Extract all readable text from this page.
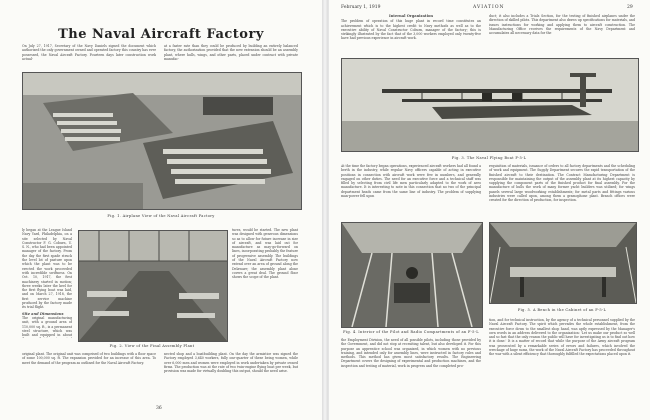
The Naval Aircraft Factory
On July 27, 1917, Secretary of the Navy Daniels signed the document which authorized the only government owned and operated factory this country has ever possessed, the Naval Aircraft Factory. Fourteen days later construction work actual-
at a faster rate than they could be produced by building an entirely balanced factory, the authorization provided that the new extension should be an assembly plant, where hulls, wings, and other parts, placed under contract with private manufac-
Fig. 1. Airplane View of the Naval Aircraft Factory
ly began at the League Island Navy Yard, Philadelphia, on a site selected by Naval Constructor F. G. Coburn, U. S. N., who had been appointed manager of the factory. From the day the first spade struck the level lot of pasture upon which the plant was to be erected the work proceeded with incredible swiftness. On Oct. 10, 1917, the first machinery started in motion; three weeks later the keel for the first flying boat was laid, and on March 27, 1918, the first service machine produced by the factory made its trial flight.
Site and Dimensions
The original manufacturing unit, with a ground area of 110,000 sq. ft., is a permanent steel structure, which was built and equipped in about
Fig. 2. View of the Final Assembly Plant
tures, would be started. The new plant was designed with generous dimensions so as to allow for future increase in size of aircraft, and was laid out for manufacture as may-go-forward on lines, incorporating probably the feature of progressive assembly. The buildings of the Naval Aircraft Factory now extend over an area of ground along the Delaware; the assembly plant alone covers a great deal. The ground floor shows the scope of the plant.
original plant. The original unit was comprised of two buildings with a floor space of some 100,000 sq. ft. The expansion provided for an increase of this area. To meet the demand of the program as outlined for the Naval Aircraft Factory.
nected shop and a boatbuilding plant. On the day the armistice was signed the Factory employed 3,640 workers, fully one-quarter of these being women, while over 6,000 men and women were employed in work undertaken by private owned firms. The production was at the rate of two twin-engine flying boat per week, but provision was made for virtually doubling this output, should the need arise.
36
February 1, 1919	AVIATION	29
Internal Organization
The problem of operation of this huge plant in record time constitutes an achievement which is to the highest credit to Navy methods as well as to the executive ability of Naval Constructor Coburn, manager of the factory; this is strikingly illustrated by the fact that of the 3,000 workers employed only twenty-five have had previous experience in aircraft work.
duct; it also includes a Trials Section, for the testing of finished airplanes under the direction of skilled pilots. This department also draws up specifications for materials, and issues instructions for working and applying them to aircraft construction. The Manufacturing Office receives the requirements of the Navy Department and accumulates all necessary data for the
Fig. 3. The Naval Flying Boat F-5-L
At the time the factory began operations, experienced aircraft workers had all found a berth in the industry, while regular Navy officers capable of acting in executive positions in connection with aircraft work were few in numbers, and generally engaged on other duties. The need for an executive force and a technical staff was filled by selecting from civil life men particularly adapted to the work of aero manufacture. It is interesting to note in this connection that no two of the principal department heads came from the same line of industry. The problem of supplying man-power fell upon
requisition of materials, issuance of orders to all factory departments and the scheduling of work and equipment. The Supply Department secures the rapid transportation of the finished aircraft to their destination. The Contract Manufacturing Department is responsible for maintaining the output of the assembly plant at its highest capacity by supplying the component parts of the finished product for final assembly. For the manufacture of hulls the work of many former yacht builders was utilized; for wings panels several large woodworking establishments; for metal parts and fittings various industries were called upon, among them a gramophone plant. Branch offices were created for the direction of production, for inspection.
Fig. 4. Interior of the Pilot and Radio Compartments of an F-5-L
Fig. 5. A Bench in the Cabinet of an F-5-L
the Employment Division, the need of all possible pilots, including those provided by the Government, and did not stop at recruiting talent, but also developed it. For this purpose an apprentice school was organized, in which women with no previous training, and intended only for assembly lines, were instructed in factory rules and methods. This method has given most satisfactory results. The Engineering Department covers the designing of experimental and production machines, and the inspection and testing of material, work in progress and the completed pro-
tion, and for technical instruction, by the agency of a technical personnel supplied by the Naval Aircraft Factory. The spirit which pervades the whole establishment, from the executive force down to the smallest shop hand, was aptly expressed by the Manager's own words in an address delivered to the organization: 'Let us make our product so well and so fast that the only reason the public will have for investigating us is to find out how it is done.' It is a matter of record that while the purpose of the Army aircraft program was prosecuted by a remarkable series of errors and failures, which involved the wreckage of huge sums, the work of the Naval Aircraft Factory has proceeded throughout the war with a silent efficiency that thoroughly fulfilled the expectations placed upon it.
